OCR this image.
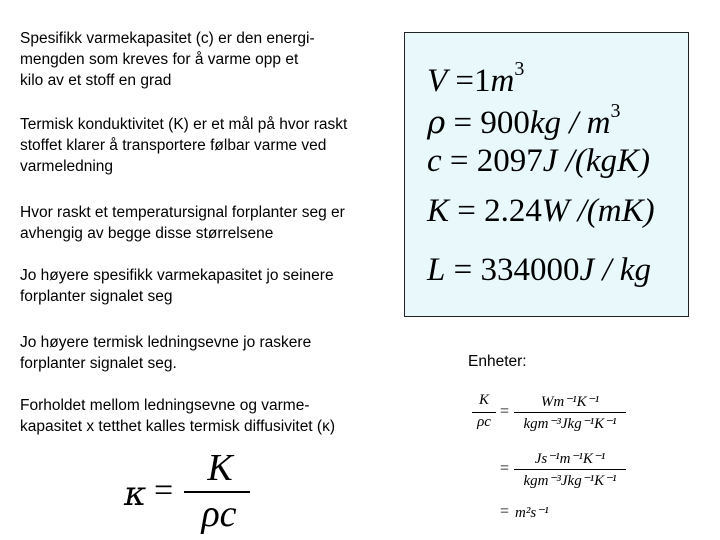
Spesifikk varmekapasitet (c) er den energi-
mengden som kreves for å varme opp et
kilo av et stoff en grad

Termisk konduktivitet (K) er et mål på hvor raskt
stoffet klarer å transportere følbar varme ved
varmeledning

Hvor raskt et temperatursignal forplanter seg er
avhengig av begge disse størrelsene

Jo høyere spesifikk varmekapasitet jo seinere
forplanter signalet seg

Jo høyere termisk ledningsevne jo raskere
forplanter signalet seg.

Forholdet mellom ledningsevne og varme-
kapasitet x tetthet kalles termisk diffusivitet (κ)

$V =1m^3$
$\rho = 900kg / m^3$
c = 2097J /(kgK)
K = 2.24W /(mK)
L = 334000J / kg
Enheter:
κ =
K
ρc
K
ρc
=
Wm⁻¹K⁻¹
kgm⁻³Jkg⁻¹K⁻¹
=
Js⁻¹m⁻¹K⁻¹
kgm⁻³Jkg⁻¹K⁻¹
= m²s⁻¹
